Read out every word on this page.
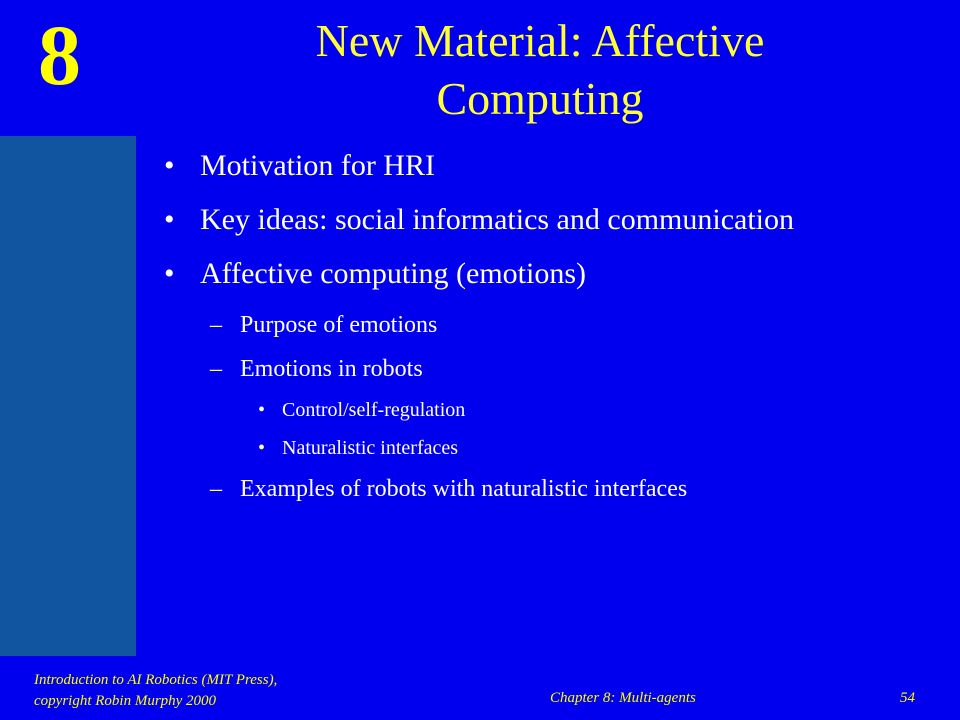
8	New Material: Affective
Computing
• Motivation for HRI
• Key ideas: social informatics and communication
• Affective computing (emotions)
– Purpose of emotions
– Emotions in robots
• Control/self-regulation
• Naturalistic interfaces
– Examples of robots with naturalistic interfaces
Introduction to AI Robotics (MIT Press),
copyright Robin Murphy 2000	Chapter 8: Multi-agents	54
